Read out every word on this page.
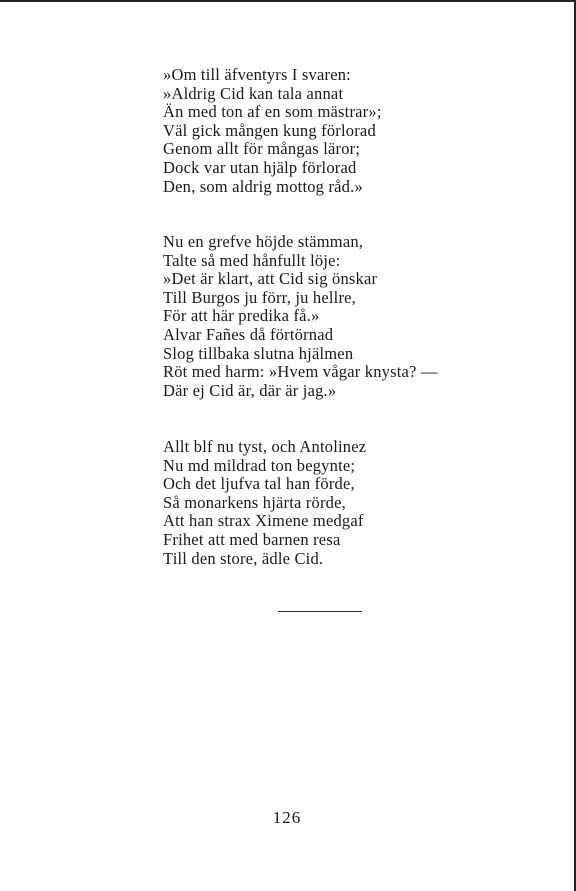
»Om till äfventyrs I svaren:
»Aldrig Cid kan tala annat
Än med ton af en som mästrar»;
Väl gick mången kung förlorad
Genom allt för mångas läror;
Dock var utan hjälp förlorad
Den, som aldrig mottog råd.»
Nu en grefve höjde stämman,
Talte så med hånfullt löje:
»Det är klart, att Cid sig önskar
Till Burgos ju förr, ju hellre,
För att här predika få.»
Alvar Fañes då förtörnad
Slog tillbaka slutna hjälmen
Röt med harm: »Hvem vågar knysta? —
Där ej Cid är, där är jag.»
Allt blf nu tyst, och Antolinez
Nu md mildrad ton begynte;
Och det ljufva tal han förde,
Så monarkens hjärta rörde,
Att han strax Ximene medgaf
Frihet att med barnen resa
Till den store, ädle Cid.
126
